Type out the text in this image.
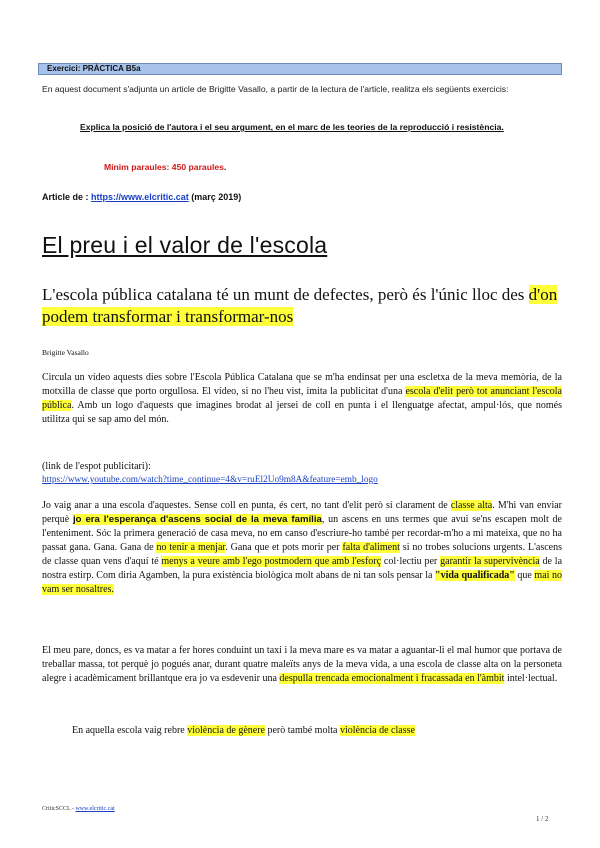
Exercici: PRÀCTICA B5a
En aquest document s'adjunta un article de Brigitte Vasallo, a partir de la lectura de l'article, realitza els següents exercicis:
Explica la posició de l'autora i el seu argument, en el marc de les teories de la reproducció i resistència.
Mínim paraules: 450 paraules.
Article de : https://www.elcritic.cat (març 2019)
El preu i el valor de l'escola
L'escola pública catalana té un munt de defectes, però és l'únic lloc des d'on podem transformar i transformar-nos
Brigitte Vasallo
Circula un vídeo aquests dies sobre l'Escola Pública Catalana que se m'ha endinsat per una escletxa de la meva memòria, de la motxilla de classe que porto orgullosa. El vídeo, si no l'heu vist, imita la publicitat d'una escola d'elit però tot anunciant l'escola pública. Amb un logo d'aquests que imagines brodat al jersei de coll en punta i el llenguatge afectat, ampul·lós, que només utilitza qui se sap amo del món.
(link de l'espot publicitari):
https://www.youtube.com/watch?time_continue=4&v=ruEl2Uo9m8A&feature=emb_logo
Jo vaig anar a una escola d'aquestes. Sense coll en punta, és cert, no tant d'elit però sí clarament de classe alta. M'hi van enviar perquè jo era l'esperança d'ascens social de la meva família, un ascens en uns termes que avui se'ns escapen molt de l'enteniment. Sóc la primera generació de casa meva, no em canso d'escriure-ho també per recordar-m'ho a mi mateixa, que no ha passat gana. Gana. Gana de no tenir a menjar. Gana que et pots morir per falta d'aliment si no trobes solucions urgents. L'ascens de classe quan vens d'aquí té menys a veure amb l'ego postmodern que amb l'esforç col·lectiu per garantir la supervivència de la nostra estirp. Com diria Agamben, la pura existència biològica molt abans de ni tan sols pensar la "vida qualificada" que mai no vam ser nosaltres.
El meu pare, doncs, es va matar a fer hores conduint un taxi i la meva mare es va matar a aguantar-li el mal humor que portava de treballar massa, tot perquè jo pogués anar, durant quatre maleïts anys de la meva vida, a una escola de classe alta on la personeta alegre i acadèmicament brillantque era jo va esdevenir una despulla trencada emocionalment i fracassada en l'àmbit intel·lectual.
En aquella escola vaig rebre violència de gènere però també molta violència de classe
CriticSCCL - www.elcritic.cat
1 / 2
